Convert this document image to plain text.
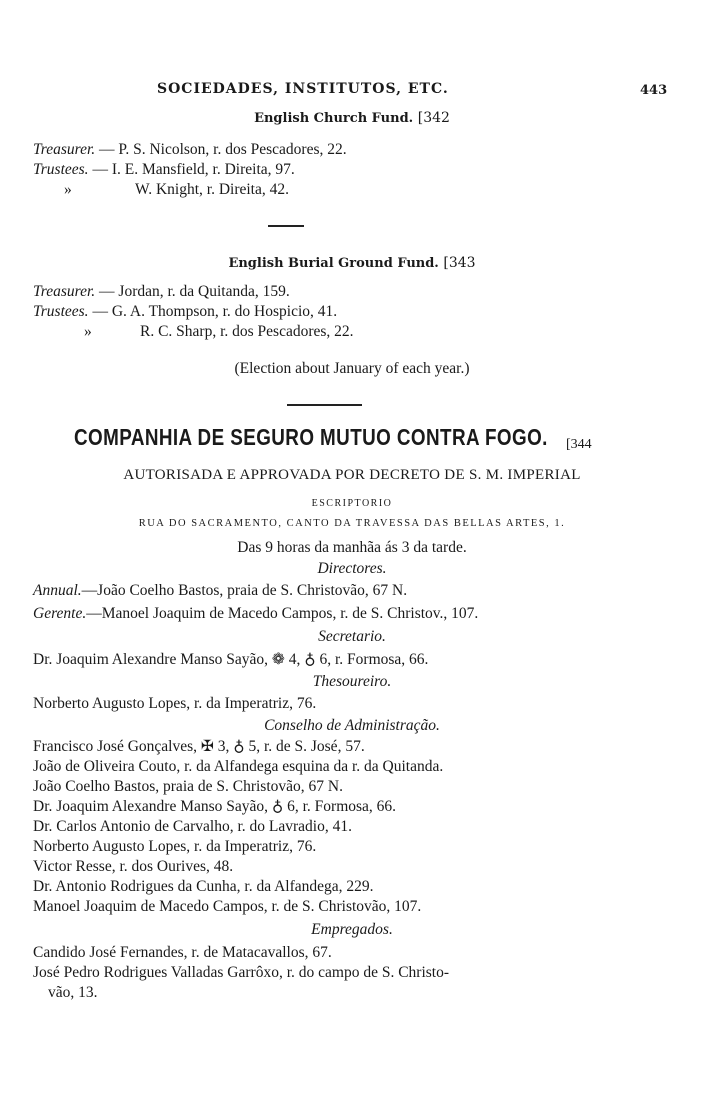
SOCIEDADES, INSTITUTOS, ETC.	443
English Church Fund. [342
Treasurer. — P. S. Nicolson, r. dos Pescadores, 22.
Trustees. — I. E. Mansfield, r. Direita, 97.
»	W. Knight, r. Direita, 42.
English Burial Ground Fund. [343
Treasurer. — Jordan, r. da Quitanda, 159.
Trustees. — G. A. Thompson, r. do Hospicio, 41.
»	R. C. Sharp, r. dos Pescadores, 22.
(Election about January of each year.)
COMPANHIA DE SEGURO MUTUO CONTRA FOGO. [344
AUTORISADA E APPROVADA POR DECRETO DE S. M. IMPERIAL
ESCRIPTORIO
RUA DO SACRAMENTO, CANTO DA TRAVESSA DAS BELLAS ARTES, 1.
Das 9 horas da manhãa ás 3 da tarde.
Directores.
Annual.—João Coelho Bastos, praia de S. Christovão, 67 N.
Gerente.—Manoel Joaquim de Macedo Campos, r. de S. Christov., 107.
Secretario.
Dr. Joaquim Alexandre Manso Sayão, ❁ 4, ♁ 6, r. Formosa, 66.
Thesoureiro.
Norberto Augusto Lopes, r. da Imperatriz, 76.
Conselho de Administração.
Francisco José Gonçalves, ✠ 3, ♁ 5, r. de S. José, 57.
João de Oliveira Couto, r. da Alfandega esquina da r. da Quitanda.
João Coelho Bastos, praia de S. Christovão, 67 N.
Dr. Joaquim Alexandre Manso Sayão, ♁ 6, r. Formosa, 66.
Dr. Carlos Antonio de Carvalho, r. do Lavradio, 41.
Norberto Augusto Lopes, r. da Imperatriz, 76.
Victor Resse, r. dos Ourives, 48.
Dr. Antonio Rodrigues da Cunha, r. da Alfandega, 229.
Manoel Joaquim de Macedo Campos, r. de S. Christovão, 107.
Empregados.
Candido José Fernandes, r. de Matacavallos, 67.
José Pedro Rodrigues Valladas Garrôxo, r. do campo de S. Christo-
vão, 13.
